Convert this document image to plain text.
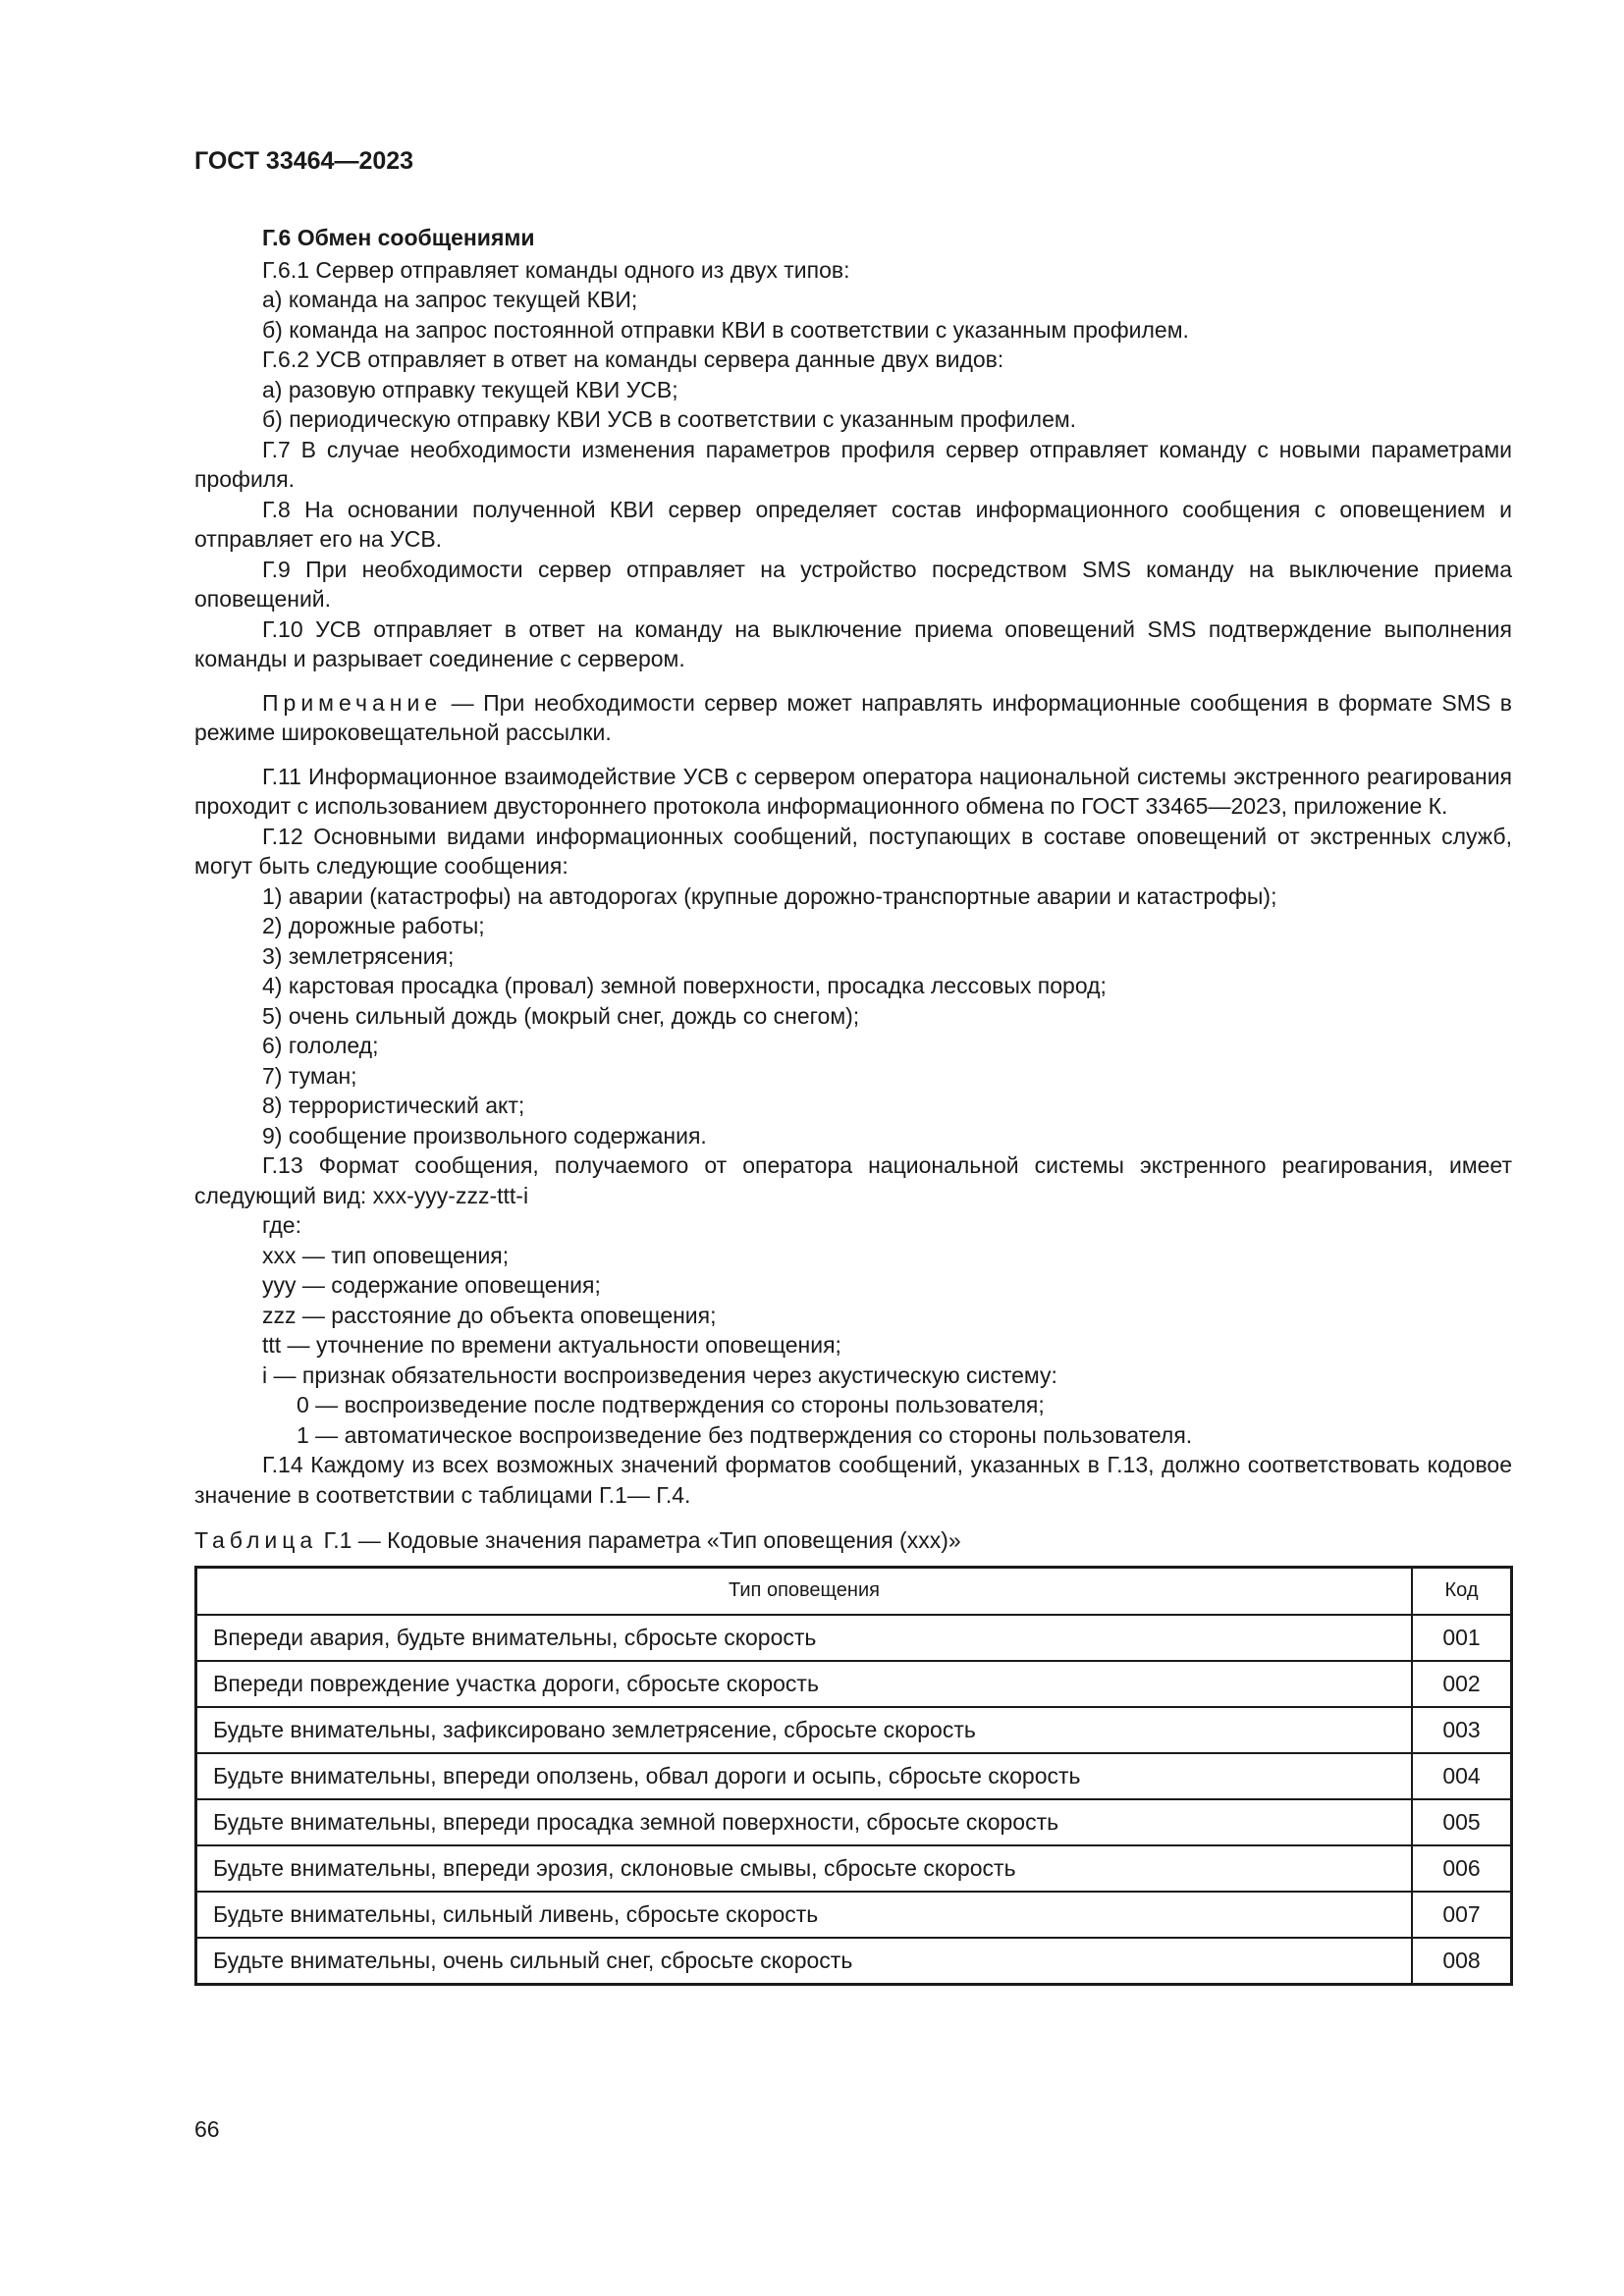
ГОСТ 33464—2023

Г.6 Обмен сообщениями

Г.6.1 Сервер отправляет команды одного из двух типов:

а) команда на запрос текущей КВИ;

б) команда на запрос постоянной отправки КВИ в соответствии с указанным профилем.

Г.6.2 УСВ отправляет в ответ на команды сервера данные двух видов:

а) разовую отправку текущей КВИ УСВ;

б) периодическую отправку КВИ УСВ в соответствии с указанным профилем.

Г.7 В случае необходимости изменения параметров профиля сервер отправляет команду с новыми параметрами профиля.

Г.8 На основании полученной КВИ сервер определяет состав информационного сообщения с оповещением и отправляет его на УСВ.

Г.9 При необходимости сервер отправляет на устройство посредством SMS команду на выключение приема оповещений.

Г.10 УСВ отправляет в ответ на команду на выключение приема оповещений SMS подтверждение выполнения команды и разрывает соединение с сервером.

Примечание — При необходимости сервер может направлять информационные сообщения в формате SMS в режиме широковещательной рассылки.

Г.11 Информационное взаимодействие УСВ с сервером оператора национальной системы экстренного реагирования проходит с использованием двустороннего протокола информационного обмена по ГОСТ 33465—2023, приложение К.

Г.12 Основными видами информационных сообщений, поступающих в составе оповещений от экстренных служб, могут быть следующие сообщения:

1) аварии (катастрофы) на автодорогах (крупные дорожно-транспортные аварии и катастрофы);

2) дорожные работы;

3) землетрясения;

4) карстовая просадка (провал) земной поверхности, просадка лессовых пород;

5) очень сильный дождь (мокрый снег, дождь со снегом);

6) гололед;

7) туман;

8) террористический акт;

9) сообщение произвольного содержания.

Г.13 Формат сообщения, получаемого от оператора национальной системы экстренного реагирования, имеет следующий вид: xxx-yyy-zzz-ttt-i

где:

xxx — тип оповещения;

yyy — содержание оповещения;

zzz — расстояние до объекта оповещения;

ttt — уточнение по времени актуальности оповещения;

i — признак обязательности воспроизведения через акустическую систему:

0 — воспроизведение после подтверждения со стороны пользователя;

1 — автоматическое воспроизведение без подтверждения со стороны пользователя.

Г.14 Каждому из всех возможных значений форматов сообщений, указанных в Г.13, должно соответствовать кодовое значение в соответствии с таблицами Г.1— Г.4.

Таблица Г.1 — Кодовые значения параметра «Тип оповещения (xxx)»

Тип оповещения	Код
Впереди авария, будьте внимательны, сбросьте скорость	001
Впереди повреждение участка дороги, сбросьте скорость	002
Будьте внимательны, зафиксировано землетрясение, сбросьте скорость	003
Будьте внимательны, впереди оползень, обвал дороги и осыпь, сбросьте скорость	004
Будьте внимательны, впереди просадка земной поверхности, сбросьте скорость	005
Будьте внимательны, впереди эрозия, склоновые смывы, сбросьте скорость	006
Будьте внимательны, сильный ливень, сбросьте скорость	007
Будьте внимательны, очень сильный снег, сбросьте скорость	008
66
